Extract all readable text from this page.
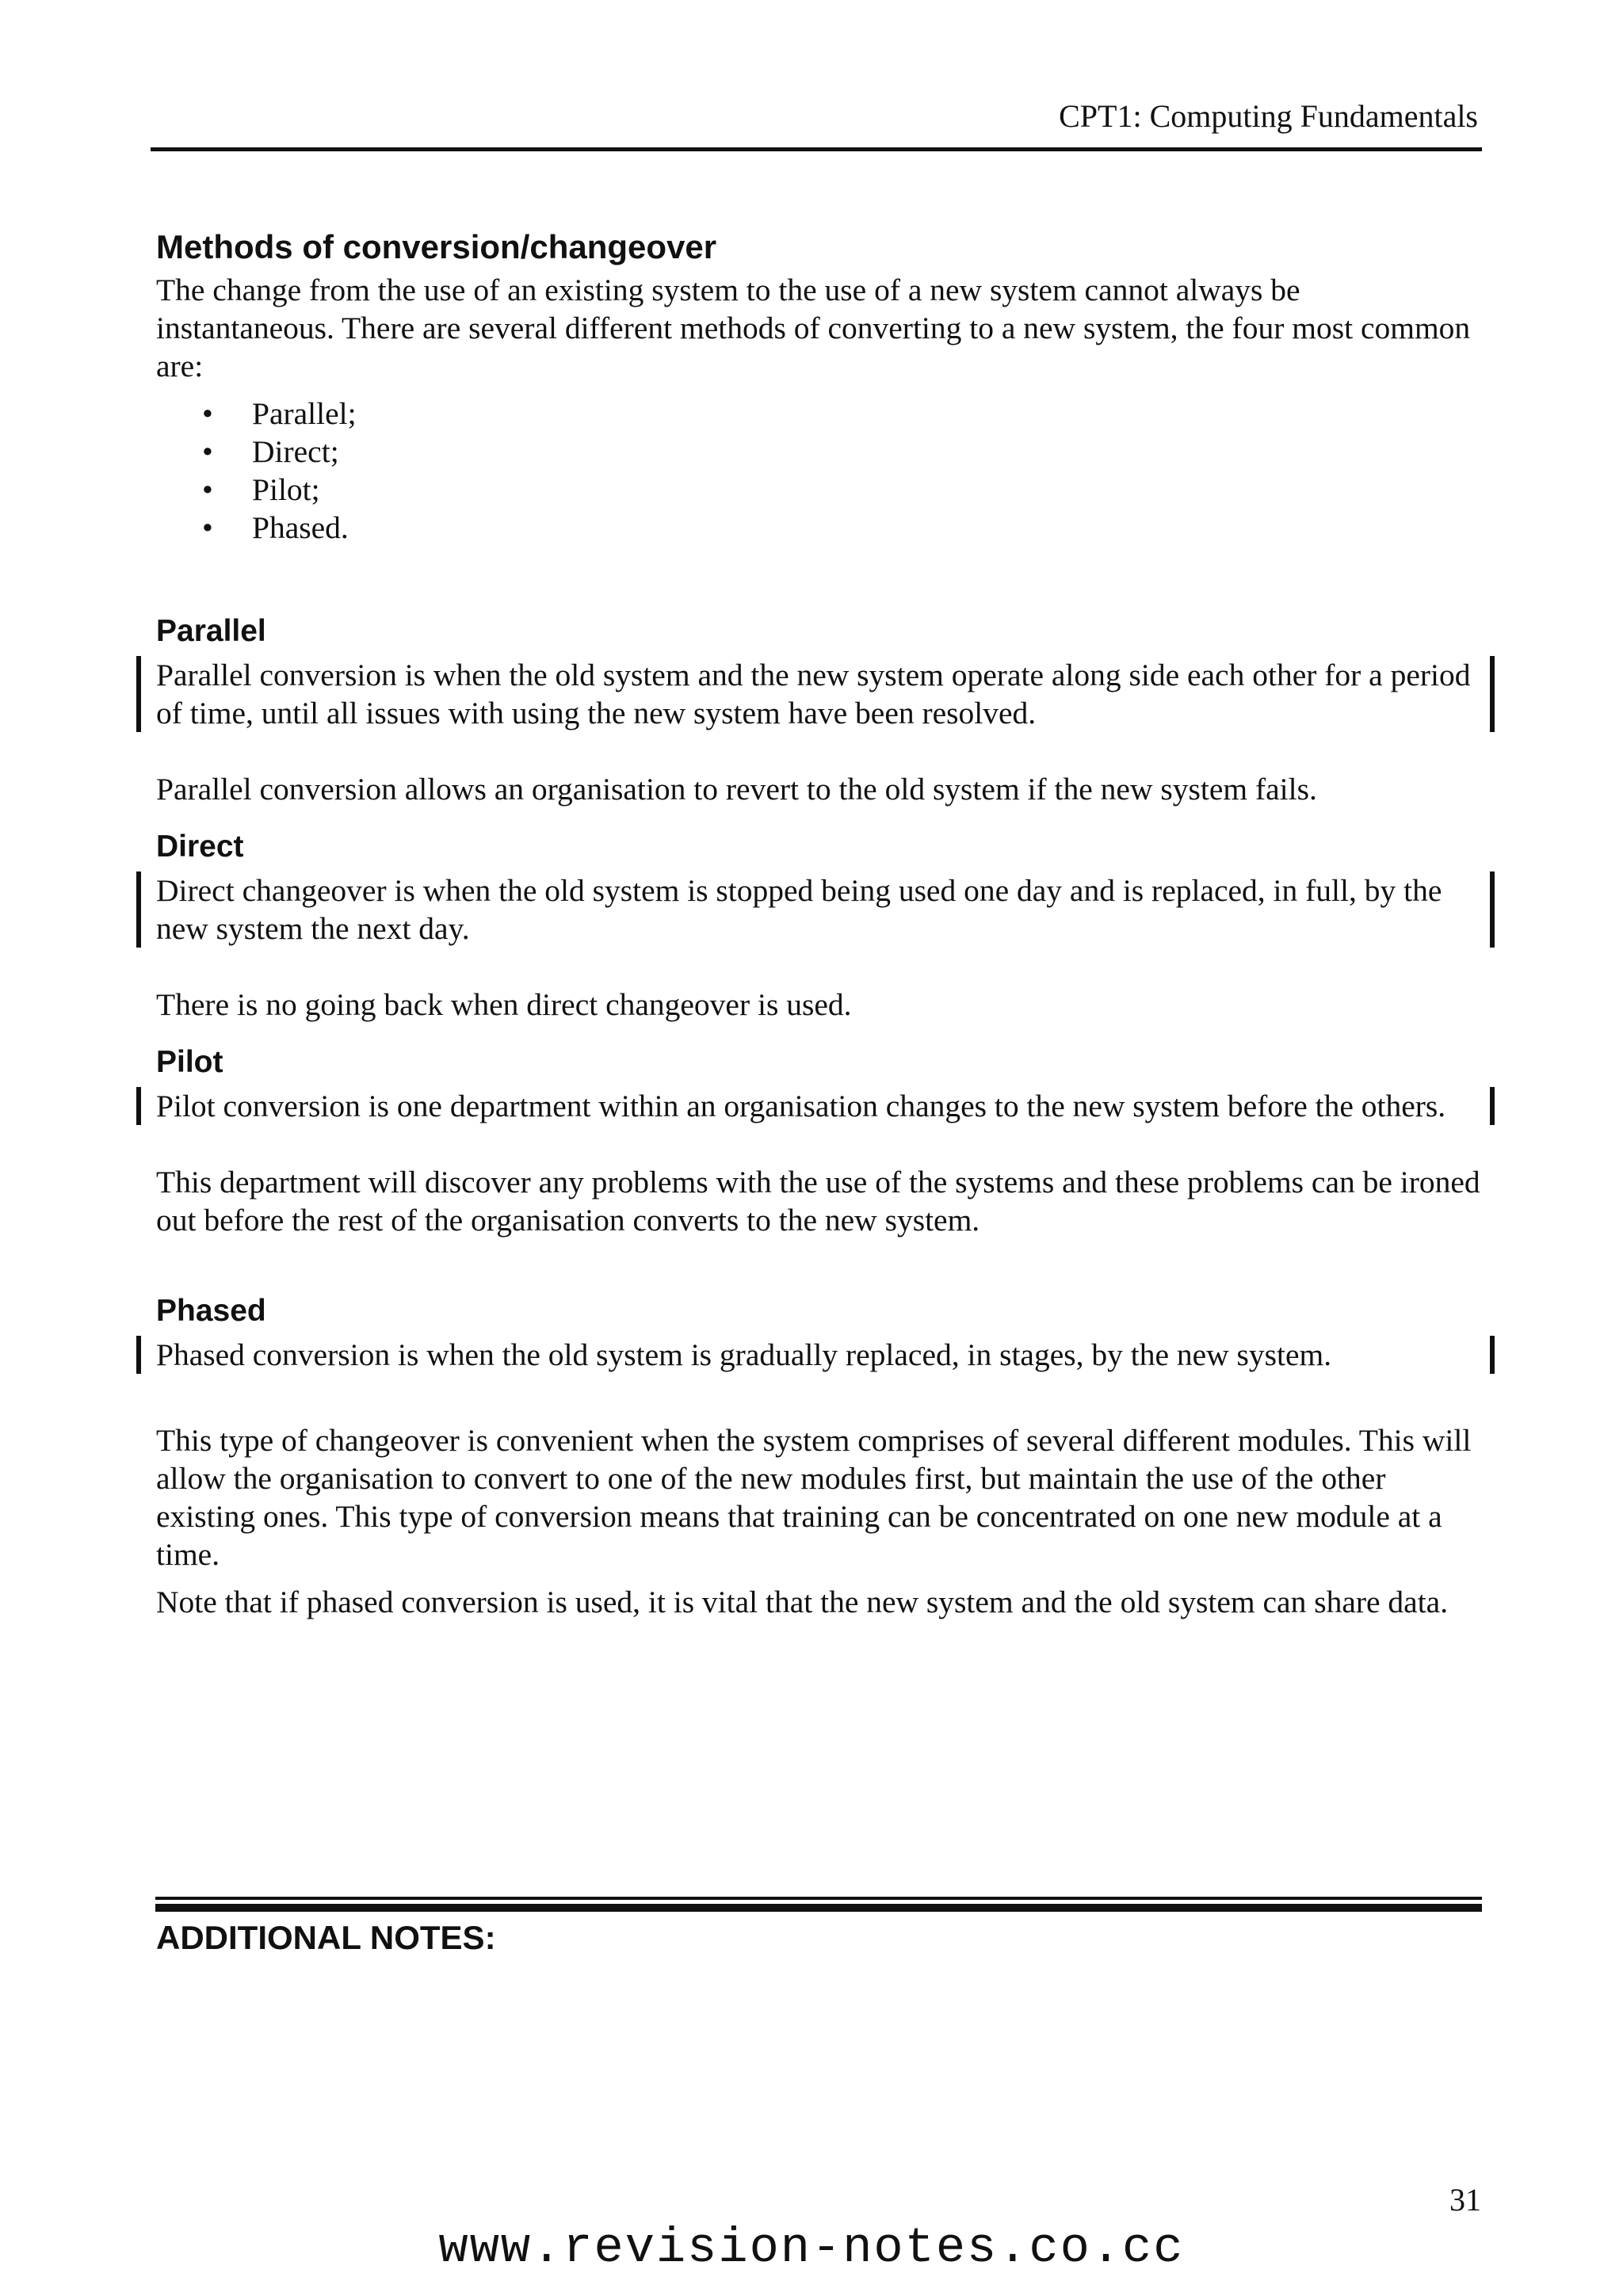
CPT1: Computing Fundamentals
Methods of conversion/changeover

The change from the use of an existing system to the use of a new system cannot always be instantaneous. There are several different methods of converting to a new system, the four most common are:

• Parallel;
• Direct;
• Pilot;
• Phased.
Parallel

Parallel conversion is when the old system and the new system operate along side each other for a period of time, until all issues with using the new system have been resolved.

Parallel conversion allows an organisation to revert to the old system if the new system fails.

Direct

Direct changeover is when the old system is stopped being used one day and is replaced, in full, by the new system the next day.

There is no going back when direct changeover is used.

Pilot

Pilot conversion is one department within an organisation changes to the new system before the others.

This department will discover any problems with the use of the systems and these problems can be ironed out before the rest of the organisation converts to the new system.

Phased

Phased conversion is when the old system is gradually replaced, in stages, by the new system.

This type of changeover is convenient when the system comprises of several different modules. This will allow the organisation to convert to one of the new modules first, but maintain the use of the other existing ones. This type of conversion means that training can be concentrated on one new module at a time.

Note that if phased conversion is used, it is vital that the new system and the old system can share data.

ADDITIONAL NOTES:
31
www.revision-notes.co.cc
